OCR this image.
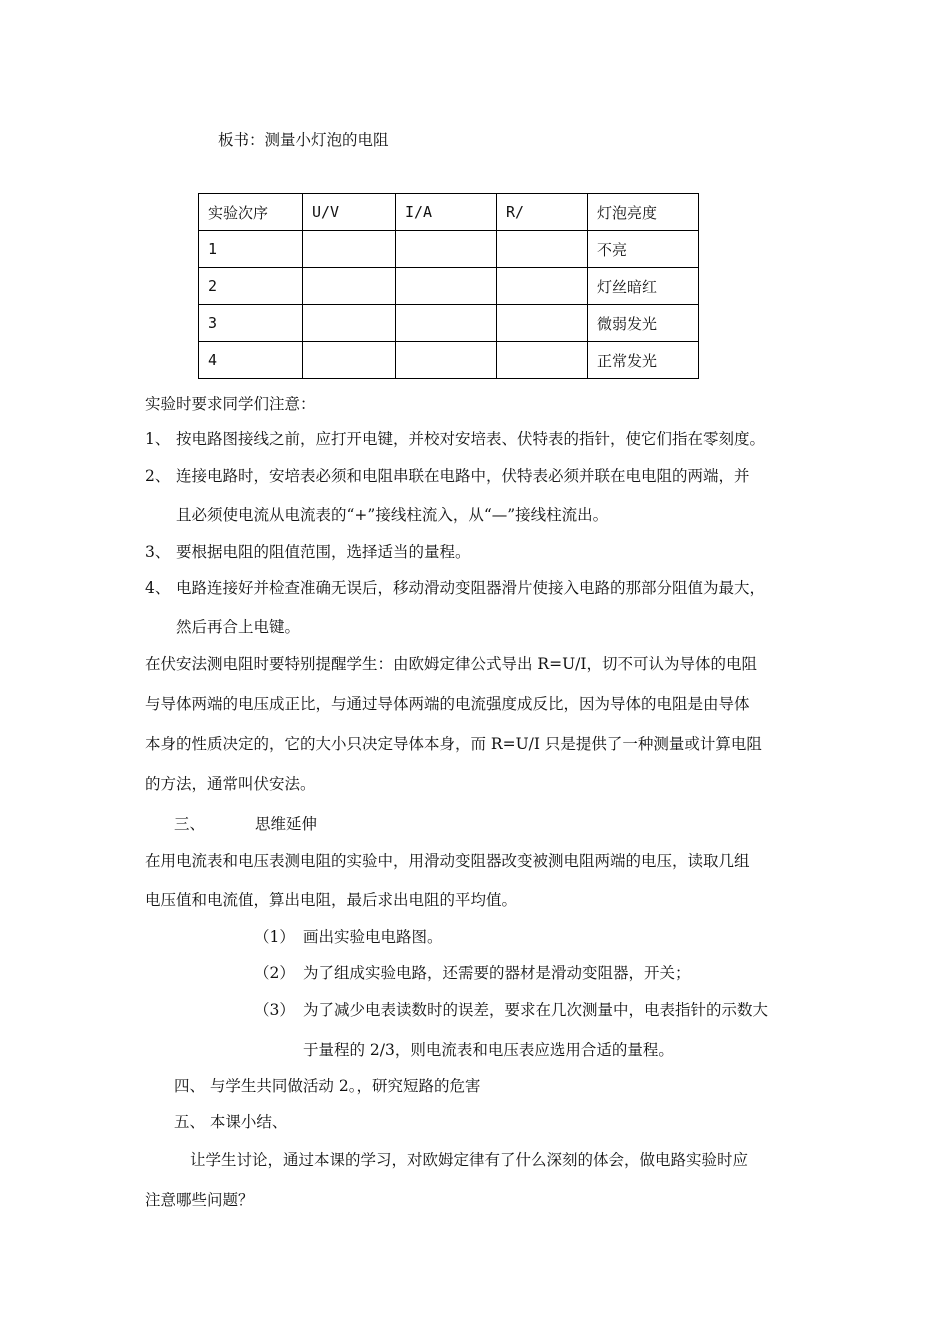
板书：测量小灯泡的电阻
实验次序	U/V	I/A	R/	灯泡亮度
1				不亮
2				灯丝暗红
3				微弱发光
4				正常发光
实验时要求同学们注意：
1、 按电路图接线之前，应打开电键，并校对安培表、伏特表的指针，使它们指在零刻度。
2、 连接电路时，安培表必须和电阻串联在电路中，伏特表必须并联在电电阻的两端，并
且必须使电流从电流表的“+”接线柱流入，从“—”接线柱流出。
3、 要根据电阻的阻值范围，选择适当的量程。
4、 电路连接好并检查准确无误后，移动滑动变阻器滑片使接入电路的那部分阻值为最大，
然后再合上电键。
在伏安法测电阻时要特别提醒学生：由欧姆定律公式导出 R=U/I，切不可认为导体的电阻
与导体两端的电压成正比，与通过导体两端的电流强度成反比，因为导体的电阻是由导体
本身的性质决定的，它的大小只决定导体本身，而 R=U/I 只是提供了一种测量或计算电阻
的方法，通常叫伏安法。
三、	思维延伸
在用电流表和电压表测电阻的实验中，用滑动变阻器改变被测电阻两端的电压，读取几组
电压值和电流值，算出电阻，最后求出电阻的平均值。
（1） 画出实验电电路图。
（2） 为了组成实验电路，还需要的器材是滑动变阻器，开关；
（3） 为了减少电表读数时的误差，要求在几次测量中，电表指针的示数大
于量程的 2/3，则电流表和电压表应选用合适的量程。
四、 与学生共同做活动 2。，研究短路的危害
五、 本课小结、
让学生讨论，通过本课的学习，对欧姆定律有了什么深刻的体会，做电路实验时应
注意哪些问题？
